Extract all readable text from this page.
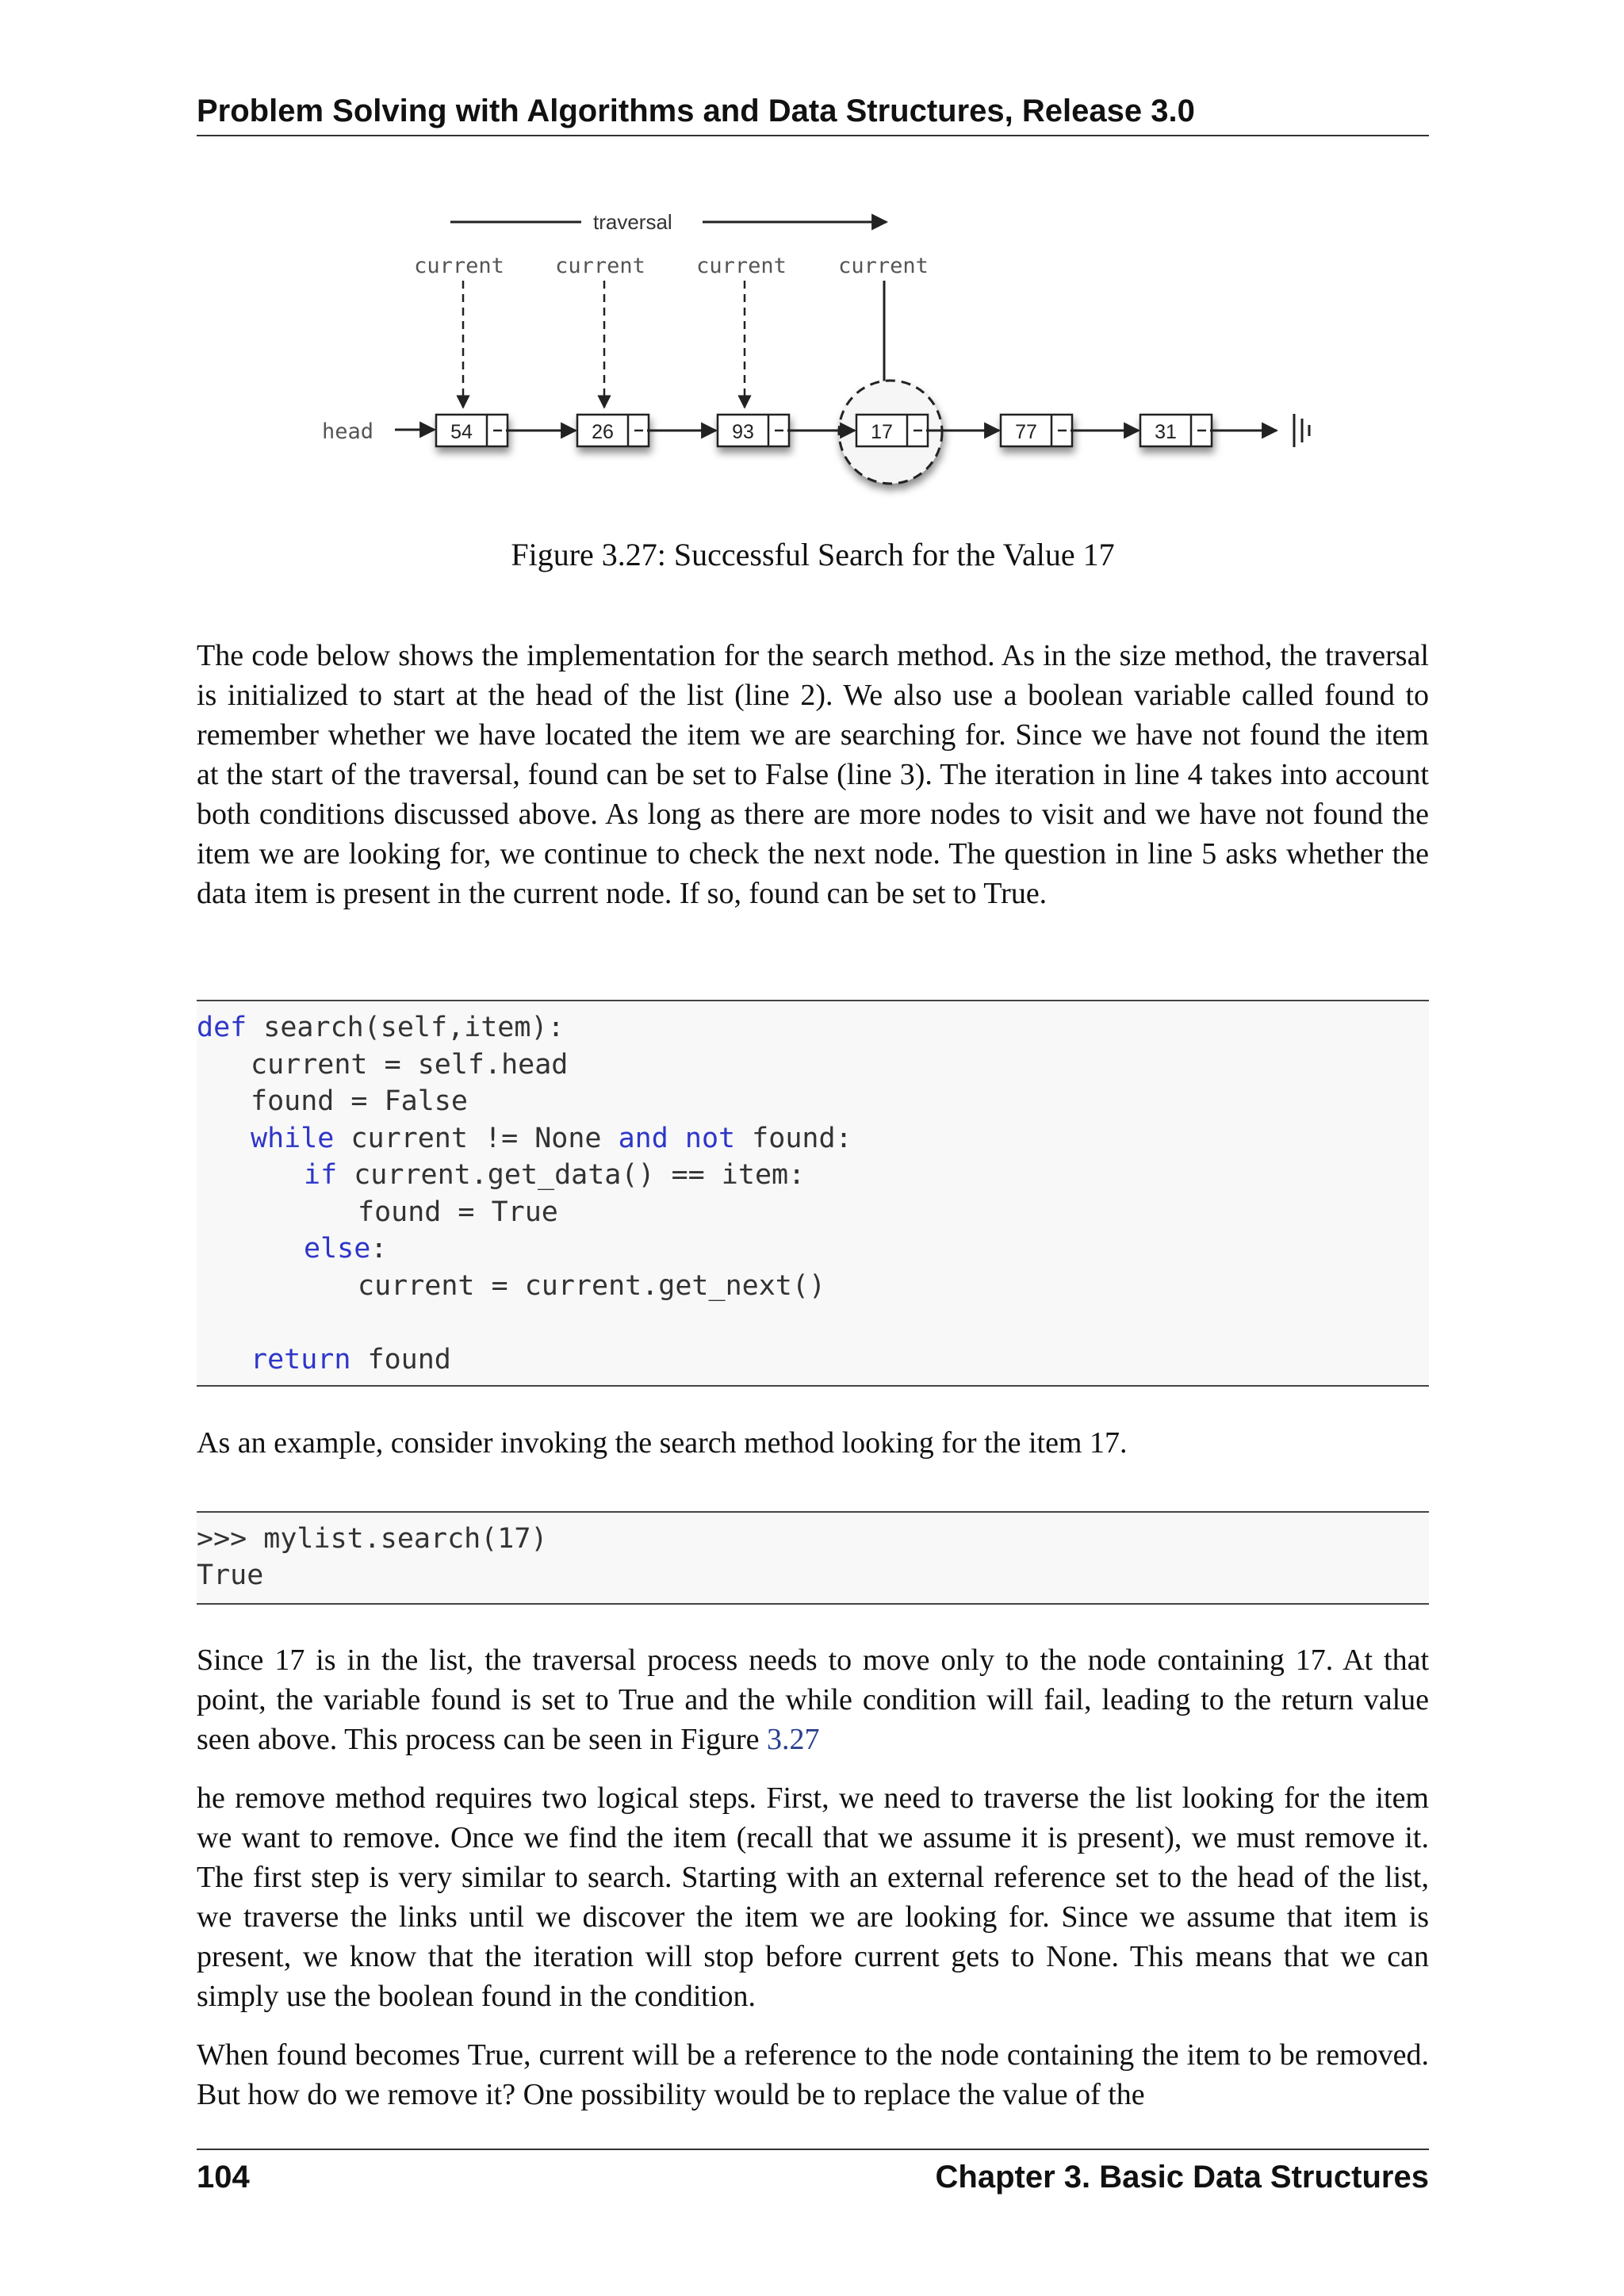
Problem Solving with Algorithms and Data Structures, Release 3.0
traversal
current current current current
head	54	26	93	17	77	31
Figure 3.27: Successful Search for the Value 17
The code below shows the implementation for the search method. As in the size method, the traversal is initialized to start at the head of the list (line 2). We also use a boolean variable called found to remember whether we have located the item we are searching for. Since we have not found the item at the start of the traversal, found can be set to False (line 3). The iteration in line 4 takes into account both conditions discussed above. As long as there are more nodes to visit and we have not found the item we are looking for, we continue to check the next node. The question in line 5 asks whether the data item is present in the current node. If so, found can be set to True.
def search(self,item):
current = self.head
found = False
while current != None and not found:
if current.get_data() == item:
found = True
else:
current = current.get_next()
return found
As an example, consider invoking the search method looking for the item 17.
>>> mylist.search(17)
True
Since 17 is in the list, the traversal process needs to move only to the node containing 17. At that point, the variable found is set to True and the while condition will fail, leading to the return value seen above. This process can be seen in Figure 3.27
he remove method requires two logical steps. First, we need to traverse the list looking for the item we want to remove. Once we find the item (recall that we assume it is present), we must remove it. The first step is very similar to search. Starting with an external reference set to the head of the list, we traverse the links until we discover the item we are looking for. Since we assume that item is present, we know that the iteration will stop before current gets to None. This means that we can simply use the boolean found in the condition.
When found becomes True, current will be a reference to the node containing the item to be removed. But how do we remove it? One possibility would be to replace the value of the
104	Chapter 3. Basic Data Structures
